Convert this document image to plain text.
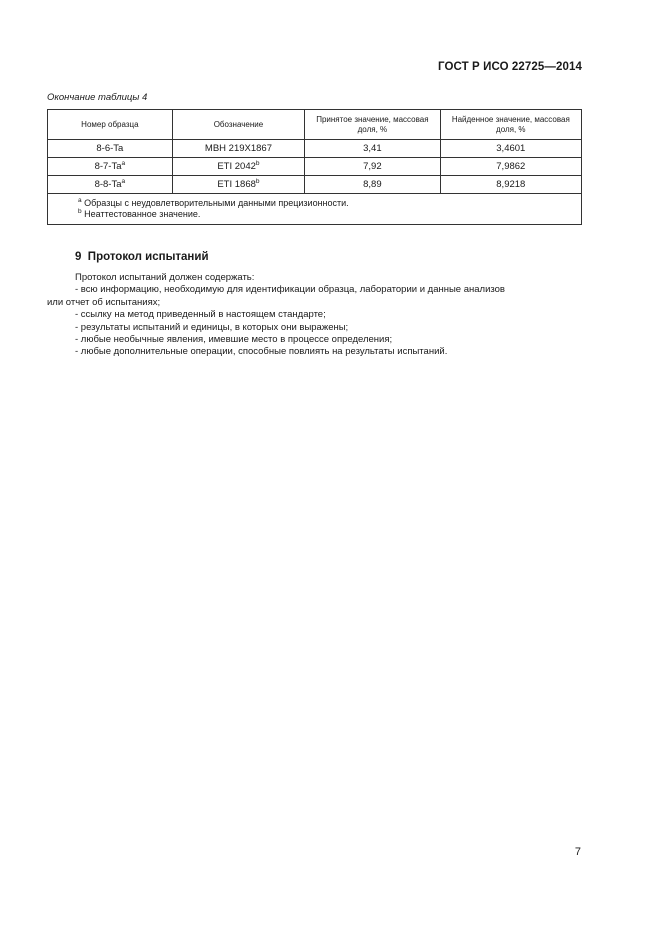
ГОСТ Р ИСО 22725—2014
Окончание таблицы 4
Номер образца	Обозначение	Принятое значение, массовая доля, %	Найденное значение, массовая доля, %
8-6-Ta	МВН 219Х1867	3,41	3,4601
8-7-Ta$^a$	ETI 2042$^b$	7,92	7,9862
8-8-Ta$^a$	ETI 1868$^b$	8,89	8,9218

$^a$ Образцы с неудовлетворительными данными прецизионности.
$^b$ Неаттестованное значение.			
9 Протокол испытаний
Протокол испытаний должен содержать:
- всю информацию, необходимую для идентификации образца, лаборатории и данные анализов
или отчет об испытаниях;
- ссылку на метод приведенный в настоящем стандарте;
- результаты испытаний и единицы, в которых они выражены;
- любые необычные явления, имевшие место в процессе определения;
- любые дополнительные операции, способные повлиять на результаты испытаний.
7
